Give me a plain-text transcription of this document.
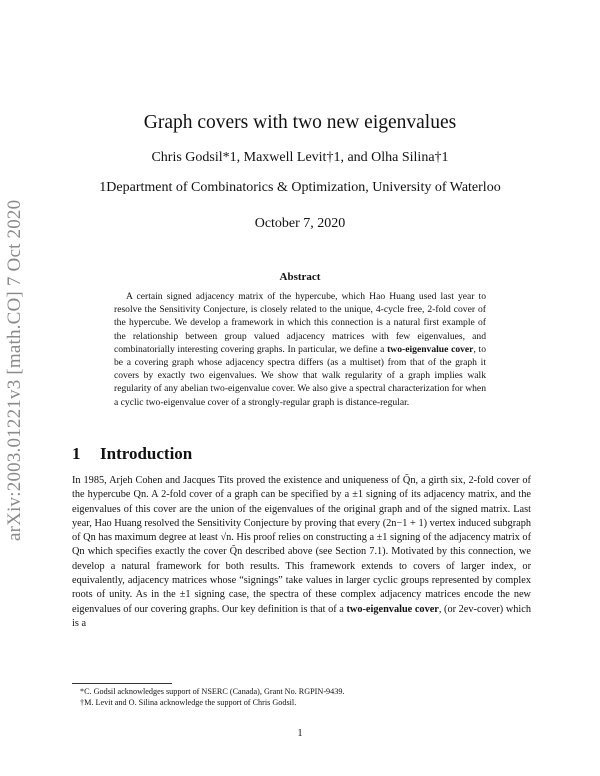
arXiv:2003.01221v3 [math.CO] 7 Oct 2020
Graph covers with two new eigenvalues
Chris Godsil*1, Maxwell Levit†1, and Olha Silina†1
1Department of Combinatorics & Optimization, University of Waterloo
October 7, 2020
Abstract
A certain signed adjacency matrix of the hypercube, which Hao Huang used last year to resolve the Sensitivity Conjecture, is closely related to the unique, 4-cycle free, 2-fold cover of the hypercube. We develop a framework in which this connection is a natural first example of the relationship between group valued adjacency matrices with few eigenvalues, and combinatorially interesting covering graphs. In particular, we define a two-eigenvalue cover, to be a covering graph whose adjacency spectra differs (as a multiset) from that of the graph it covers by exactly two eigenvalues. We show that walk regularity of a graph implies walk regularity of any abelian two-eigenvalue cover. We also give a spectral characterization for when a cyclic two-eigenvalue cover of a strongly-regular graph is distance-regular.
1 Introduction
In 1985, Arjeh Cohen and Jacques Tits proved the existence and uniqueness of Q̃n, a girth six, 2-fold cover of the hypercube Qn. A 2-fold cover of a graph can be specified by a ±1 signing of its adjacency matrix, and the eigenvalues of this cover are the union of the eigenvalues of the original graph and of the signed matrix. Last year, Hao Huang resolved the Sensitivity Conjecture by proving that every (2n−1 + 1) vertex induced subgraph of Qn has maximum degree at least √n. His proof relies on constructing a ±1 signing of the adjacency matrix of Qn which specifies exactly the cover Q̃n described above (see Section 7.1). Motivated by this connection, we develop a natural framework for both results. This framework extends to covers of larger index, or equivalently, adjacency matrices whose “signings” take values in larger cyclic groups represented by complex roots of unity. As in the ±1 signing case, the spectra of these complex adjacency matrices encode the new eigenvalues of our covering graphs. Our key definition is that of a two-eigenvalue cover, (or 2ev-cover) which is a
*C. Godsil acknowledges support of NSERC (Canada), Grant No. RGPIN-9439.
†M. Levit and O. Silina acknowledge the support of Chris Godsil.
1
